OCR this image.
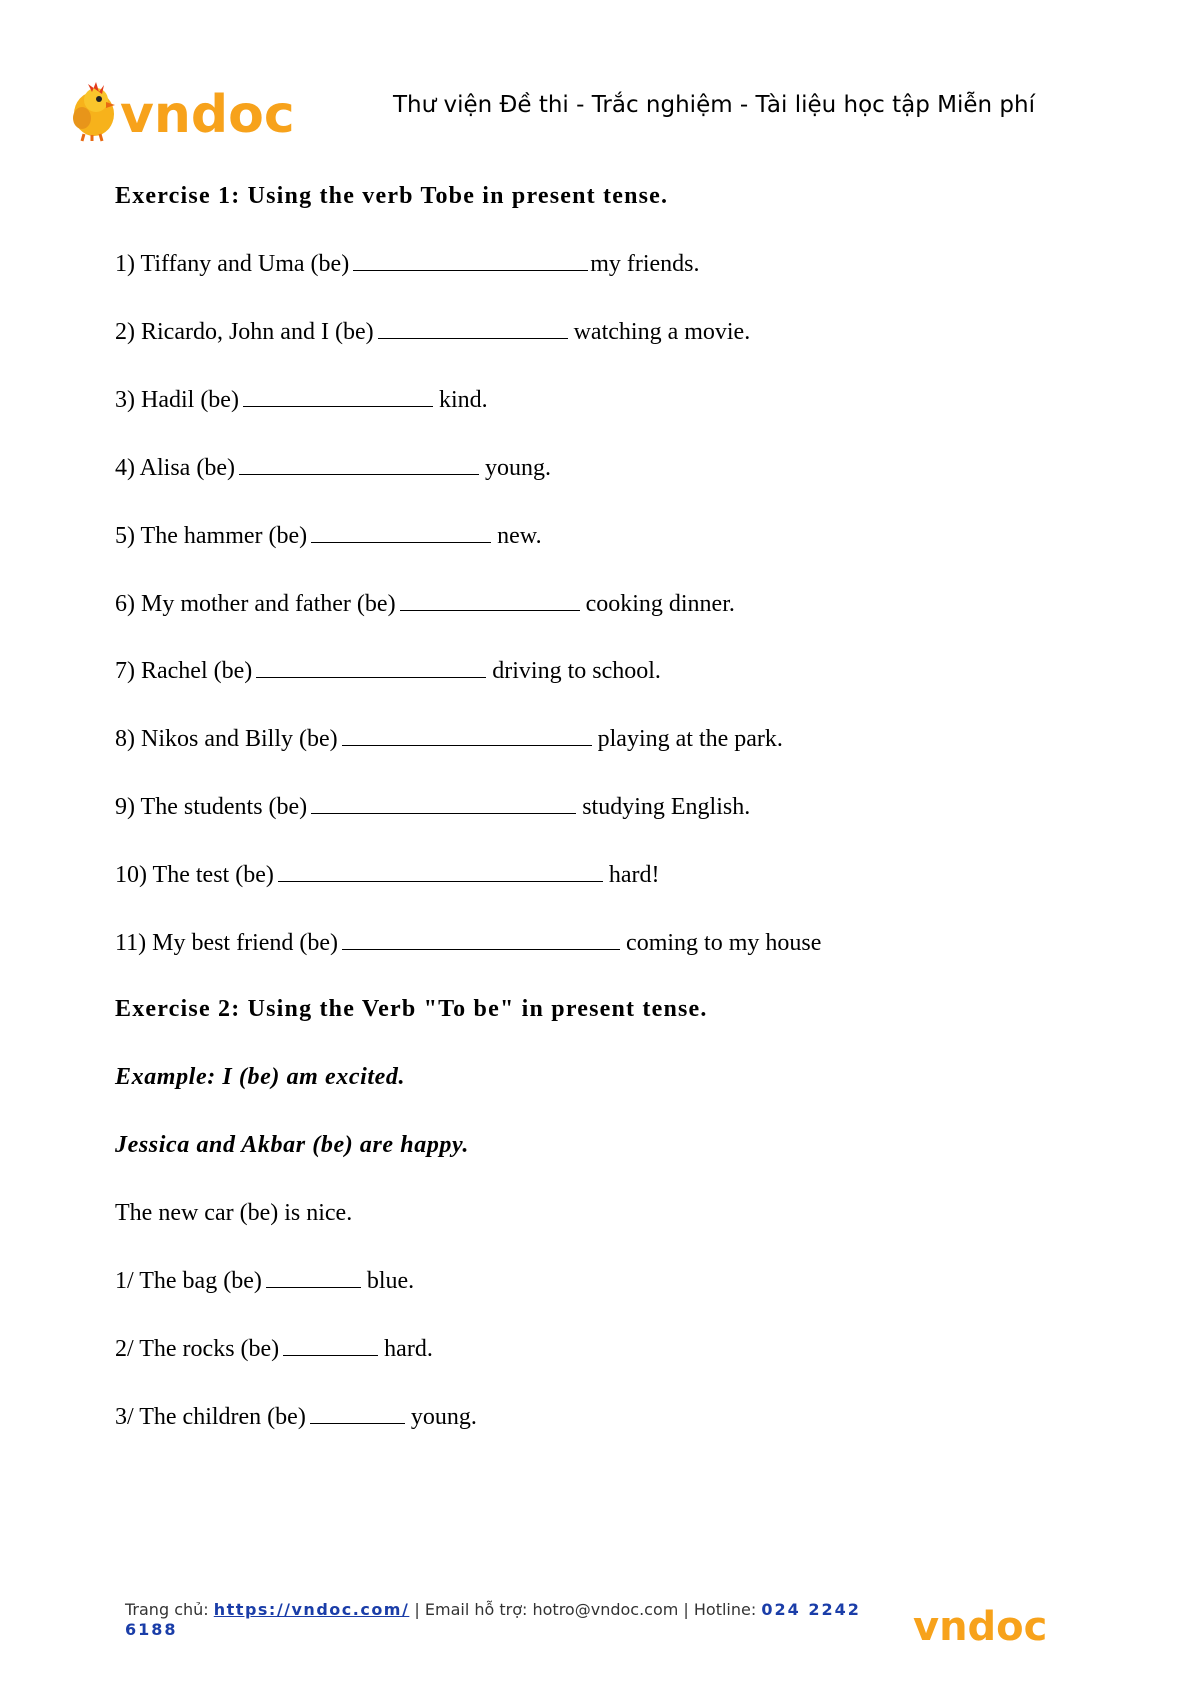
vndoc	Thư viện Đề thi - Trắc nghiệm - Tài liệu học tập Miễn phí
Exercise 1: Using the verb Tobe in present tense.
1) Tiffany and Uma (be)	my friends.
2) Ricardo, John and I (be)	watching a movie.
3) Hadil (be)	kind.
4) Alisa (be)	young.
5) The hammer (be)	new.
6) My mother and father (be)	cooking dinner.
7) Rachel (be)	driving to school.
8) Nikos and Billy (be)	playing at the park.
9) The students (be)	studying English.
10) The test (be)	hard!
11) My best friend (be)	coming to my house
Exercise 2: Using the Verb "To be" in present tense.
Example: I (be) am excited.
Jessica and Akbar (be) are happy.
The new car (be) is nice.
1/ The bag (be)	blue.
2/ The rocks (be)	hard.
3/ The children (be)	young.
Trang chủ: https://vndoc.com/ | Email hỗ trợ: hotro@vndoc.com | Hotline: 024 2242 6188	vndoc
